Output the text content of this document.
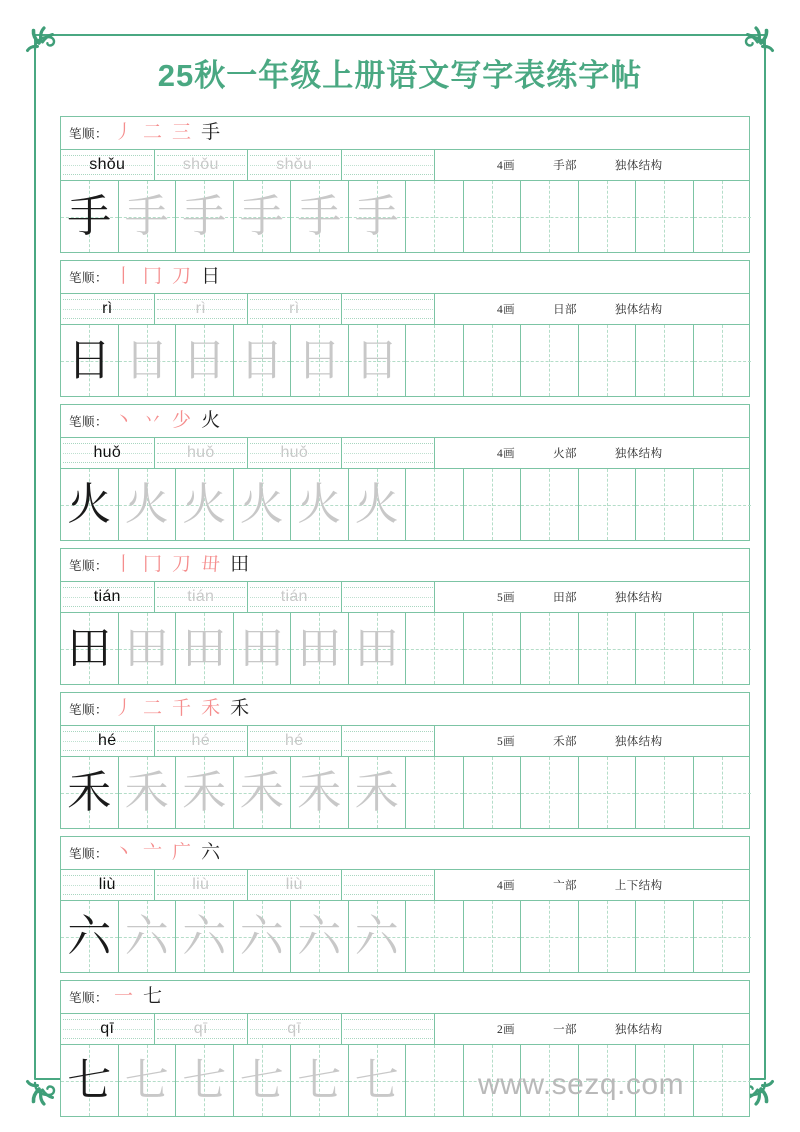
25秋一年级上册语文写字表练字帖
笔顺： 丿 二 三 手
shǒu	shǒu	shǒu	4画	手部	独体结构
手 手 手 手 手 手
笔顺： 丨 冂 刀 日
rì	rì	rì	4画	日部	独体结构
日 日 日 日 日 日
笔顺： 丶 丷 少 火
huǒ	huǒ	huǒ	4画	火部	独体结构
火 火 火 火 火 火
笔顺： 丨 冂 刀 毌 田
tián	tián	tián	5画	田部	独体结构
田 田 田 田 田 田
笔顺： 丿 二 千 禾 禾
hé	hé	hé	5画	禾部	独体结构
禾 禾 禾 禾 禾 禾
笔顺： 丶 亠 广 六
liù	liù	liù	4画	亠部	上下结构
六 六 六 六 六 六
笔顺： 一 七
qī	qī	qī	2画	一部	独体结构
七 七 七 七 七 七	www.sezq.com
